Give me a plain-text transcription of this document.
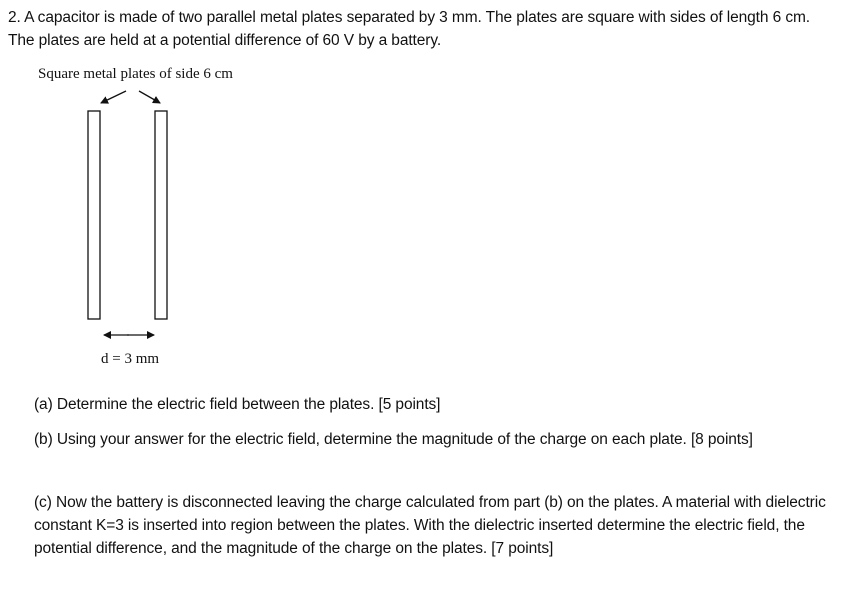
2. A capacitor is made of two parallel metal plates separated by 3 mm. The plates are square with sides of length 6 cm. The plates are held at a potential difference of 60 V by a battery.

Square metal plates of side 6 cm
d = 3 mm

(a) Determine the electric field between the plates. [5 points]

(b) Using your answer for the electric field, determine the magnitude of the charge on each plate. [8 points]

(c) Now the battery is disconnected leaving the charge calculated from part (b) on the plates. A material with dielectric constant K=3 is inserted into region between the plates. With the dielectric inserted determine the electric field, the potential difference, and the magnitude of the charge on the plates. [7 points]
